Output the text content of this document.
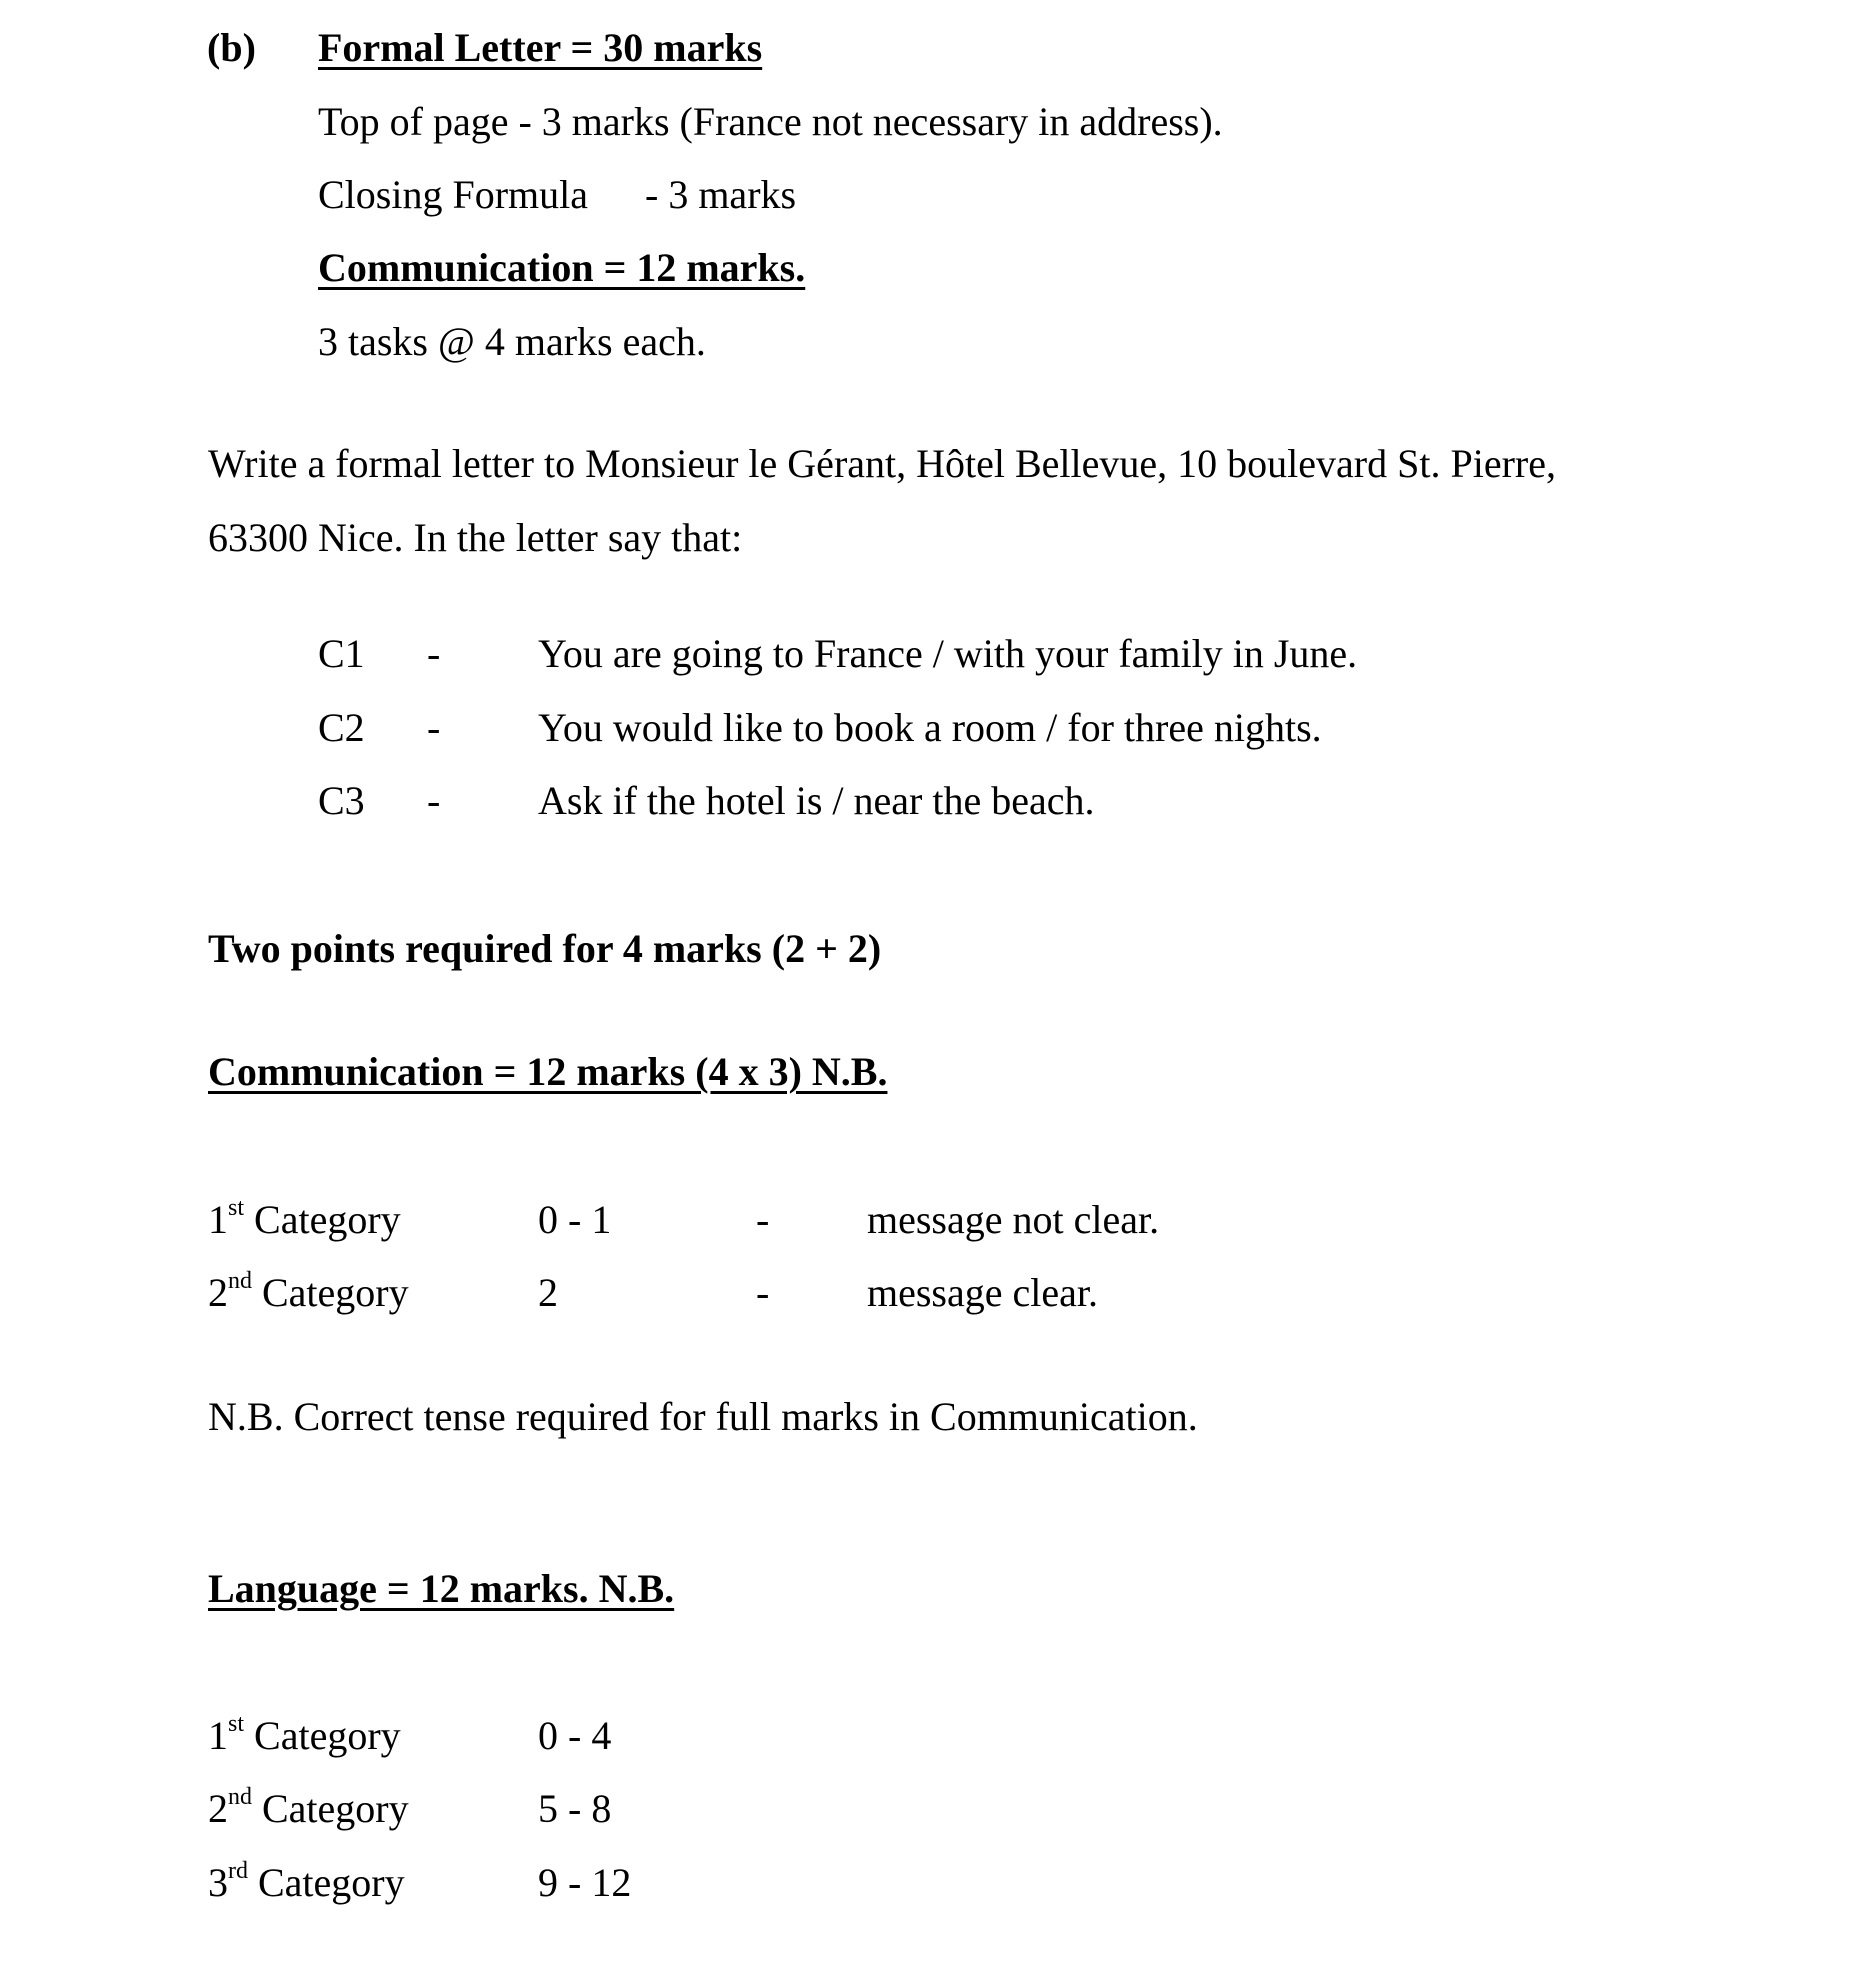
(b) Formal Letter = 30 marks
Top of page - 3 marks (France not necessary in address).
Closing Formula - 3 marks
Communication = 12 marks.
3 tasks @ 4 marks each.
Write a formal letter to Monsieur le Gérant, Hôtel Bellevue, 10 boulevard St. Pierre,
63300 Nice. In the letter say that:
C1 - You are going to France / with your family in June.
C2 - You would like to book a room / for three nights.
C3 - Ask if the hotel is / near the beach.
Two points required for 4 marks (2 + 2)
Communication = 12 marks (4 x 3) N.B.
1st Category	0 - 1	- message not clear.
2nd Category	2	- message clear.
N.B. Correct tense required for full marks in Communication.
Language = 12 marks. N.B.
1st Category	0 - 4
2nd Category	5 - 8
3rd Category	9 - 12
